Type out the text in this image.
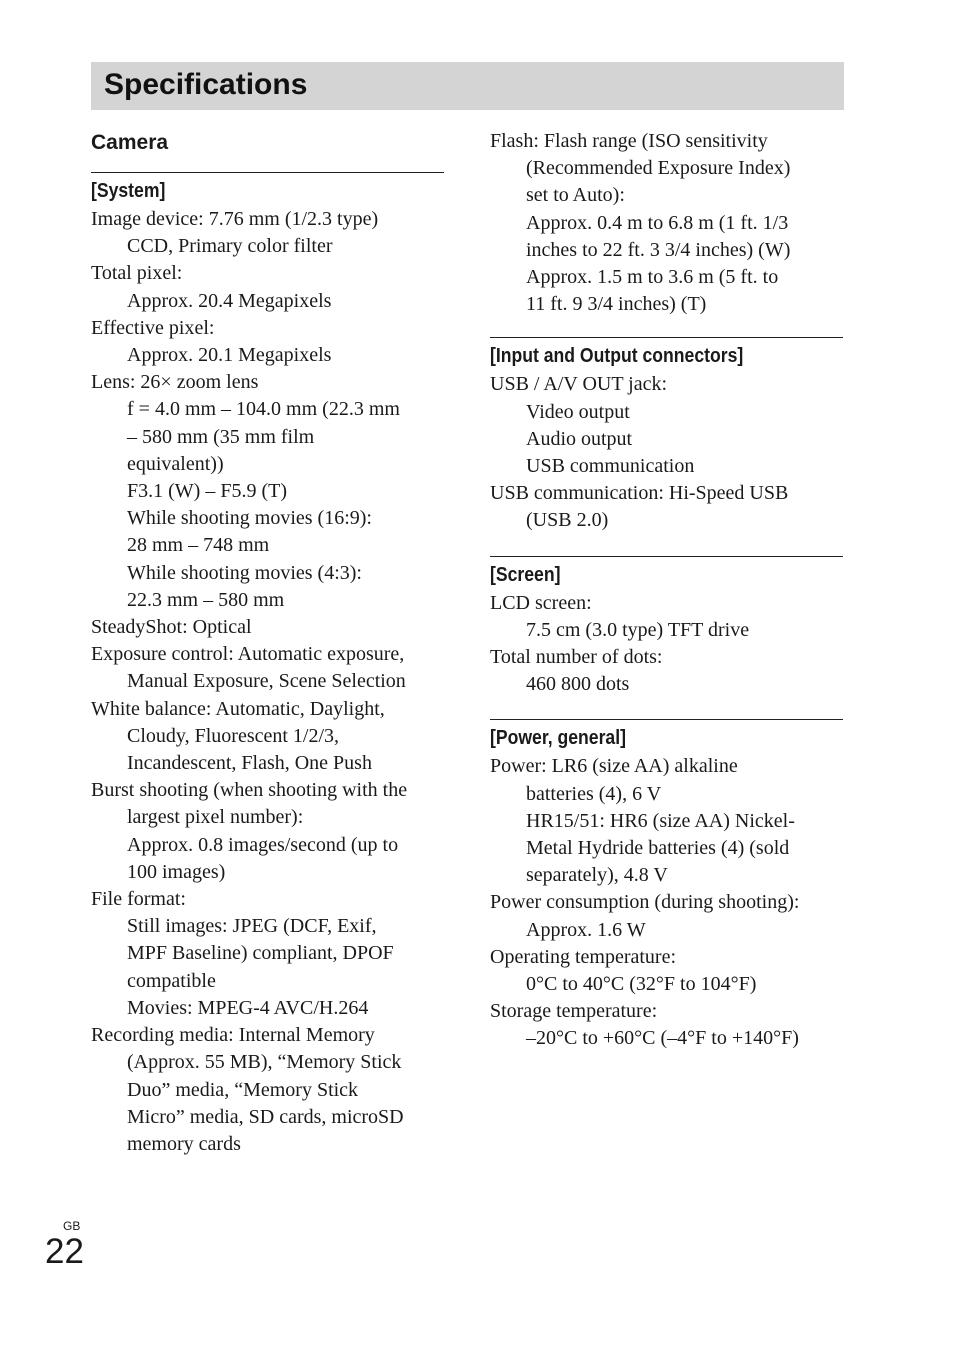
Specifications
Camera
[System]
Image device: 7.76 mm (1/2.3 type)
CCD, Primary color filter
Total pixel:
Approx. 20.4 Megapixels
Effective pixel:
Approx. 20.1 Megapixels
Lens: 26× zoom lens
f = 4.0 mm – 104.0 mm (22.3 mm
– 580 mm (35 mm film
equivalent))
F3.1 (W) – F5.9 (T)
While shooting movies (16:9):
28 mm – 748 mm
While shooting movies (4:3):
22.3 mm – 580 mm
SteadyShot: Optical
Exposure control: Automatic exposure,
Manual Exposure, Scene Selection
White balance: Automatic, Daylight,
Cloudy, Fluorescent 1/2/3,
Incandescent, Flash, One Push
Burst shooting (when shooting with the
largest pixel number):
Approx. 0.8 images/second (up to
100 images)
File format:
Still images: JPEG (DCF, Exif,
MPF Baseline) compliant, DPOF
compatible
Movies: MPEG-4 AVC/H.264
Recording media: Internal Memory
(Approx. 55 MB), “Memory Stick
Duo” media, “Memory Stick
Micro” media, SD cards, microSD
memory cards
Flash: Flash range (ISO sensitivity
(Recommended Exposure Index)
set to Auto):
Approx. 0.4 m to 6.8 m (1 ft. 1/3
inches to 22 ft. 3 3/4 inches) (W)
Approx. 1.5 m to 3.6 m (5 ft. to
11 ft. 9 3/4 inches) (T)
[Input and Output connectors]
USB / A/V OUT jack:
Video output
Audio output
USB communication
USB communication: Hi-Speed USB
(USB 2.0)
[Screen]
LCD screen:
7.5 cm (3.0 type) TFT drive
Total number of dots:
460 800 dots
[Power, general]
Power: LR6 (size AA) alkaline
batteries (4), 6 V
HR15/51: HR6 (size AA) Nickel-
Metal Hydride batteries (4) (sold
separately), 4.8 V
Power consumption (during shooting):
Approx. 1.6 W
Operating temperature:
0°C to 40°C (32°F to 104°F)
Storage temperature:
–20°C to +60°C (–4°F to +140°F)
GB
22
